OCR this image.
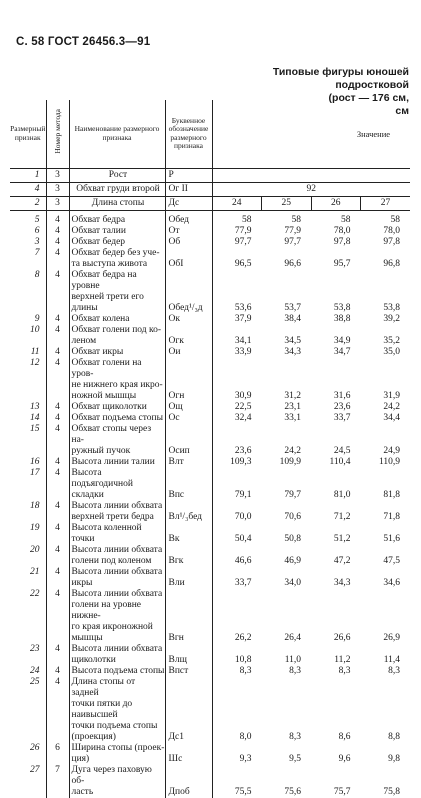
С. 58 ГОСТ 26456.3—91
Типовые фигуры юношей подростковой
(рост — 176 см,
см
Размерный признак	Номер метода	Наименование размерного признака	Буквенное обозначение размерного признака	Значение			
1	3	Рост	Р				
4	3	Обхват груди второй	Ог II	92			
2	3	Длина стопы	Дс	24	25	26	27

5	4	Обхват бедра	Обед	58	58	58	58
6	4	Обхват талии	От	77,9	77,9	78,0	78,0
3	4	Обхват бедер	Об	97,7	97,7	97,8	97,8
7	4	Обхват бедер без уче-
та выступа живота	ОбI	96,5	96,6	95,7	96,8
8	4	Обхват бедра на уровне
верхней трети его длины	Обед¹/₃д	53,6	53,7	53,8	53,8
9	4	Обхват колена	Ок	37,9	38,4	38,8	39,2
10	4	Обхват голени под ко-
леном	Огк	34,1	34,5	34,9	35,2
11	4	Обхват икры	Ои	33,9	34,3	34,7	35,0
12	4	Обхват голени на уров-
не нижнего края икро-
ножной мышцы	Огн	30,9	31,2	31,6	31,9
13	4	Обхват щиколотки	Ощ	22,5	23,1	23,6	24,2
14	4	Обхват подъема стопы	Ос	32,4	33,1	33,7	34,4
15	4	Обхват стопы через на-
ружный пучок	Осип	23,6	24,2	24,5	24,9
16	4	Высота линии талии	Влт	109,3	109,9	110,4	110,9
17	4	Высота подъягодичной
складки	Впс	79,1	79,7	81,0	81,8
18	4	Высота линии обхвата
верхней трети бедра	Вл¹/₃бед	70,0	70,6	71,2	71,8
19	4	Высота коленной точки	Вк	50,4	50,8	51,2	51,6
20	4	Высота линии обхвата
голени под коленом	Вгк	46,6	46,9	47,2	47,5
21	4	Высота линии обхвата
икры	Вли	33,7	34,0	34,3	34,6
22	4	Высота линии обхвата
голени на уровне нижне-
го края икроножной
мышцы	Вгн	26,2	26,4	26,6	26,9
23	4	Высота линии обхвата
щиколотки	Влщ	10,8	11,0	11,2	11,4
24	4	Высота подъема стопы	Впст	8,3	8,3	8,3	8,3
25	4	Длина стопы от задней
точки пятки до наивысшей
точки подъема стопы
(проекция)	Дс1	8,0	8,3	8,6	8,8
26	6	Ширина стопы (проек-
ция)	Шс	9,3	9,5	9,6	9,8
27	7	Дуга через паховую об-
ласть	Дпоб	75,5	75,6	75,7	75,8
